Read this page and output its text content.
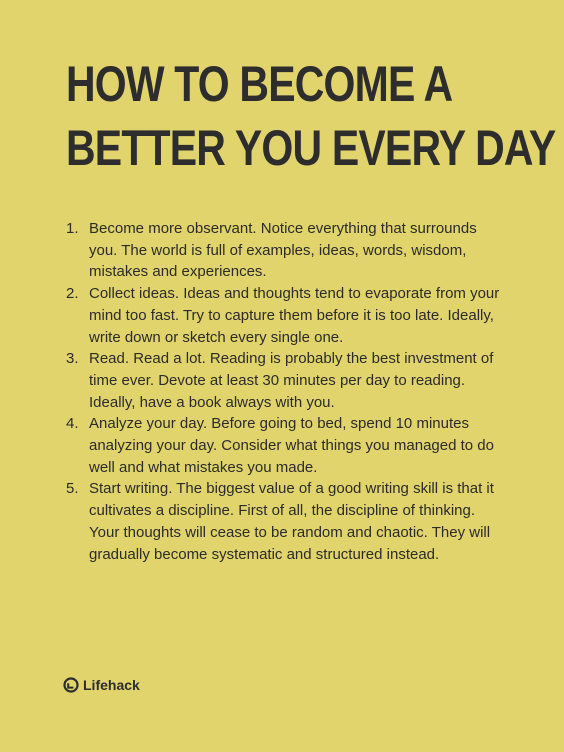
HOW TO BECOME A
BETTER YOU EVERY DAY
1. Become more observant. Notice everything that surrounds you. The world is full of examples, ideas, words, wisdom, mistakes and experiences.
2. Collect ideas. Ideas and thoughts tend to evaporate from your mind too fast. Try to capture them before it is too late. Ideally, write down or sketch every single one.
3. Read. Read a lot. Reading is probably the best investment of time ever. Devote at least 30 minutes per day to reading. Ideally, have a book always with you.
4. Analyze your day. Before going to bed, spend 10 minutes analyzing your day. Consider what things you managed to do well and what mistakes you made.
5. Start writing. The biggest value of a good writing skill is that it cultivates a discipline. First of all, the discipline of thinking. Your thoughts will cease to be random and chaotic. They will gradually become systematic and structured instead.
Lifehack
